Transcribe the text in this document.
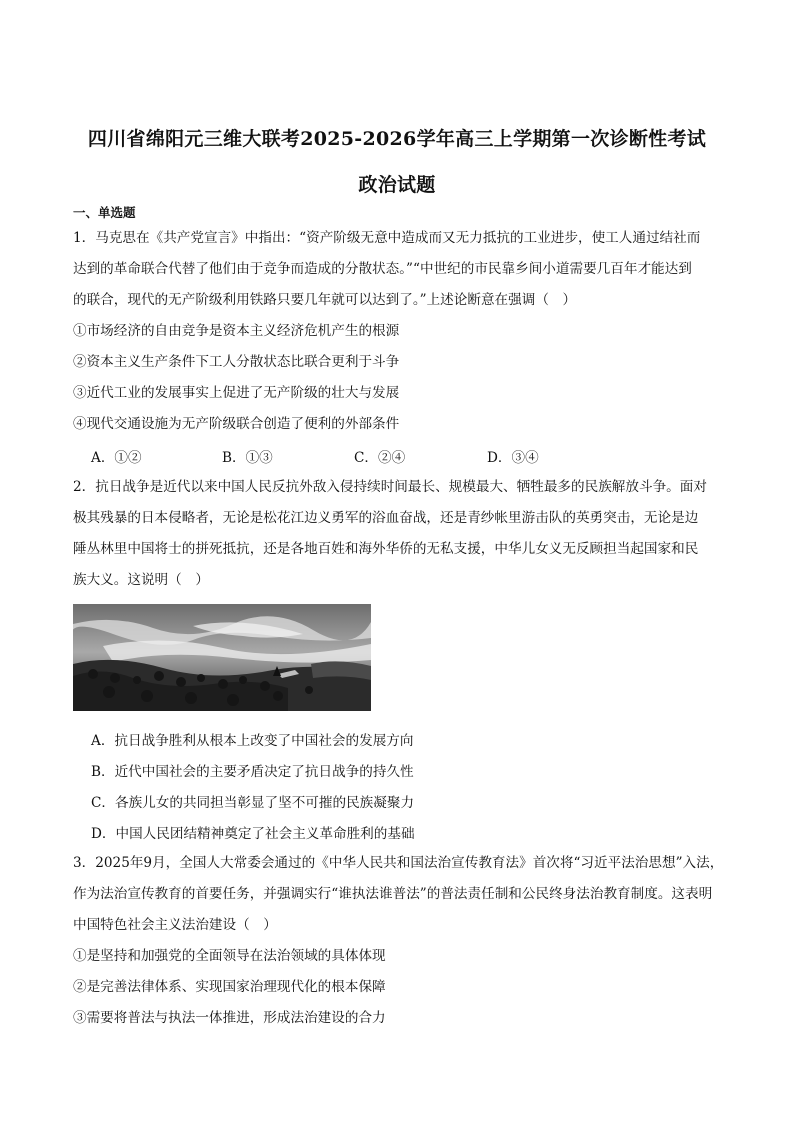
四川省绵阳元三维大联考2025-2026学年高三上学期第一次诊断性考试
政治试题
一、单选题
1．马克思在《共产党宣言》中指出：“资产阶级无意中造成而又无力抵抗的工业进步，使工人通过结社而
达到的革命联合代替了他们由于竞争而造成的分散状态。”“中世纪的市民靠乡间小道需要几百年才能达到
的联合，现代的无产阶级利用铁路只要几年就可以达到了。”上述论断意在强调（　）
①市场经济的自由竞争是资本主义经济危机产生的根源
②资本主义生产条件下工人分散状态比联合更利于斗争
③近代工业的发展事实上促进了无产阶级的壮大与发展
④现代交通设施为无产阶级联合创造了便利的外部条件
A．①②	B．①③	C．②④	D．③④
2．抗日战争是近代以来中国人民反抗外敌入侵持续时间最长、规模最大、牺牲最多的民族解放斗争。面对
极其残暴的日本侵略者，无论是松花江边义勇军的浴血奋战，还是青纱帐里游击队的英勇突击，无论是边
陲丛林里中国将士的拼死抵抗，还是各地百姓和海外华侨的无私支援，中华儿女义无反顾担当起国家和民
族大义。这说明（　）
A．抗日战争胜利从根本上改变了中国社会的发展方向
B．近代中国社会的主要矛盾决定了抗日战争的持久性
C．各族儿女的共同担当彰显了坚不可摧的民族凝聚力
D．中国人民团结精神奠定了社会主义革命胜利的基础
3．2025年9月，全国人大常委会通过的《中华人民共和国法治宣传教育法》首次将“习近平法治思想”入法，
作为法治宣传教育的首要任务，并强调实行“谁执法谁普法”的普法责任制和公民终身法治教育制度。这表明
中国特色社会主义法治建设（　）
①是坚持和加强党的全面领导在法治领域的具体体现
②是完善法律体系、实现国家治理现代化的根本保障
③需要将普法与执法一体推进，形成法治建设的合力
